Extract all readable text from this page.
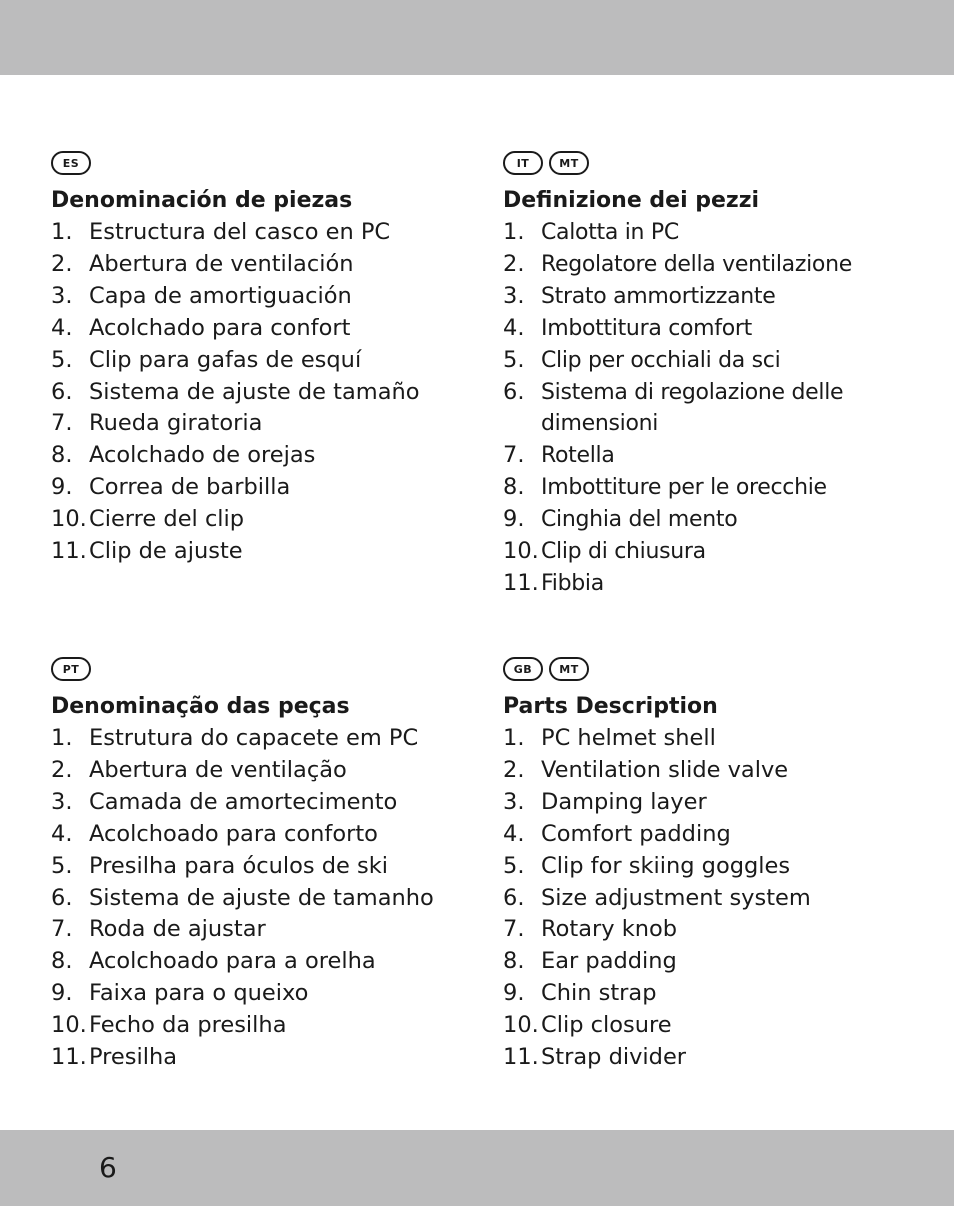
ES
Denominación de piezas
1. Estructura del casco en PC
2. Abertura de ventilación
3. Capa de amortiguación
4. Acolchado para confort
5. Clip para gafas de esquí
6. Sistema de ajuste de tamaño
7. Rueda giratoria
8. Acolchado de orejas
9. Correa de barbilla
10. Cierre del clip
11. Clip de ajuste
IT	MT
Definizione dei pezzi
1. Calotta in PC
2. Regolatore della ventilazione
3. Strato ammortizzante
4. Imbottitura comfort
5. Clip per occhiali da sci
6. Sistema di regolazione delle dimensioni
7. Rotella
8. Imbottiture per le orecchie
9. Cinghia del mento
10. Clip di chiusura
11. Fibbia
PT
Denominação das peças
1. Estrutura do capacete em PC
2. Abertura de ventilação
3. Camada de amortecimento
4. Acolchoado para conforto
5. Presilha para óculos de ski
6. Sistema de ajuste de tamanho
7. Roda de ajustar
8. Acolchoado para a orelha
9. Faixa para o queixo
10. Fecho da presilha
11. Presilha
GB	MT
Parts Description
1. PC helmet shell
2. Ventilation slide valve
3. Damping layer
4. Comfort padding
5. Clip for skiing goggles
6. Size adjustment system
7. Rotary knob
8. Ear padding
9. Chin strap
10. Clip closure
11. Strap divider
6
